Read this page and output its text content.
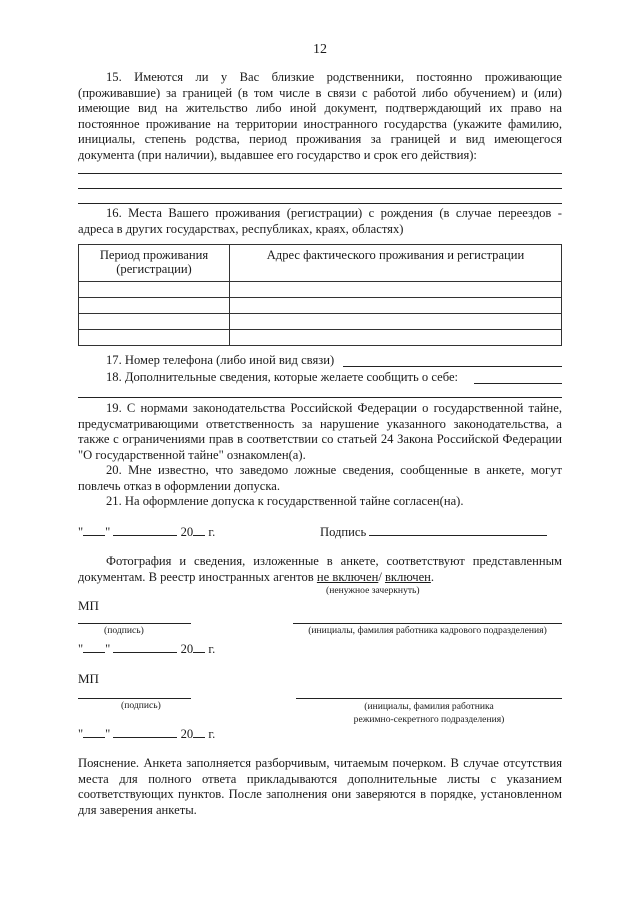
12

15. Имеются ли у Вас близкие родственники, постоянно проживающие (проживавшие) за границей (в том числе в связи с работой либо обучением) и (или) имеющие вид на жительство либо иной документ, подтверждающий их право на постоянное проживание на территории иностранного государства (укажите фамилию, инициалы, степень родства, период проживания за границей и вид имеющегося документа (при наличии), выдавшее его государство и срок его действия):

16. Места Вашего проживания (регистрации) с рождения (в случае переездов - адреса в других государствах, республиках, краях, областях)

Период проживания (регистрации)	Адрес фактического проживания и регистрации

17. Номер телефона (либо иной вид связи)
18. Дополнительные сведения, которые желаете сообщить о себе:

19. С нормами законодательства Российской Федерации о государственной тайне, предусматривающими ответственность за нарушение указанного законодательства, а также с ограничениями прав в соответствии со статьей 24 Закона Российской Федерации "О государственной тайне" ознакомлен(а).

20. Мне известно, что заведомо ложные сведения, сообщенные в анкете, могут повлечь отказ в оформлении допуска.

21. На оформление допуска к государственной тайне согласен(на).

" "	20 г.	Подпись

Фотография и сведения, изложенные в анкете, соответствуют представленным документам. В реестр иностранных агентов не включен/ включен.

(ненужное зачеркнуть)
МП
(подпись)	(инициалы, фамилия работника кадрового подразделения)
" "	20 г.
МП
(подпись)	(инициалы, фамилия работника
режимно-секретного подразделения)
" "	20 г.

Пояснение. Анкета заполняется разборчивым, читаемым почерком. В случае отсутствия места для полного ответа прикладываются дополнительные листы с указанием соответствующих пунктов. После заполнения они заверяются в порядке, установленном для заверения анкеты.
